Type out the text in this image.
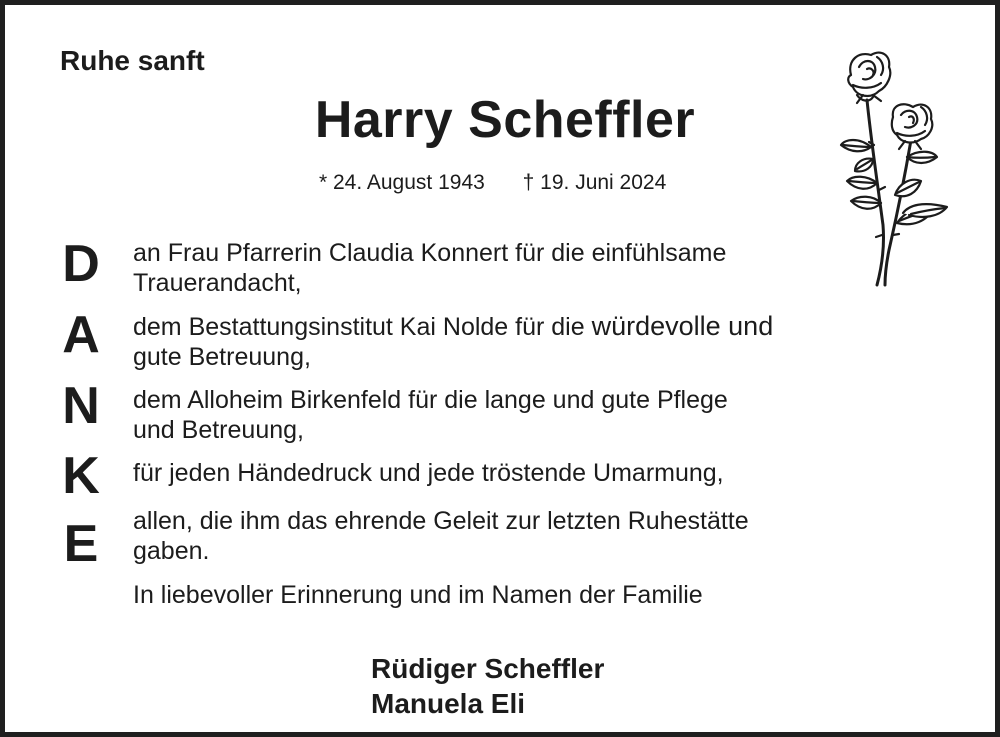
Ruhe sanft
Harry Scheffler
* 24. August 1943 † 19. Juni 2024
D
A
N
K
E
an Frau Pfarrerin Claudia Konnert für die einfühlsame
Trauerandacht,
dem Bestattungsinstitut Kai Nolde für die würdevolle und
gute Betreuung,
dem Alloheim Birkenfeld für die lange und gute Pflege
und Betreuung,
für jeden Händedruck und jede tröstende Umarmung,
allen, die ihm das ehrende Geleit zur letzten Ruhestätte
gaben.
In liebevoller Erinnerung und im Namen der Familie
Rüdiger Scheffler
Manuela Eli
